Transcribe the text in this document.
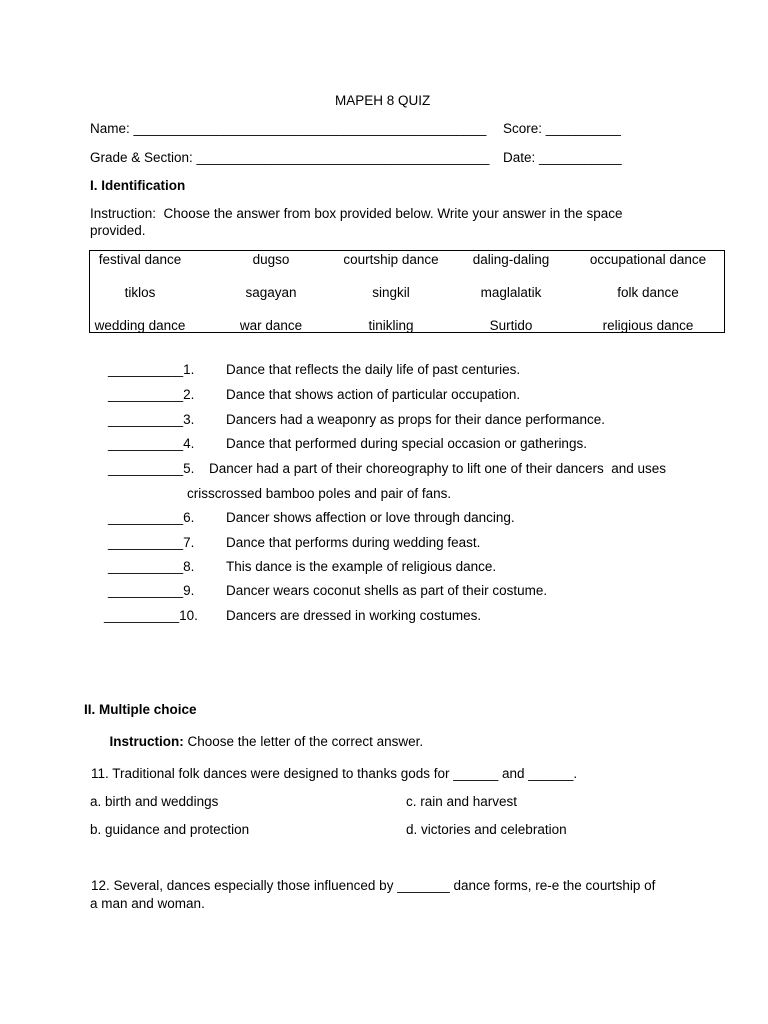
MAPEH 8 QUIZ
Name: _______________________________________________ Score: __________
Grade & Section: _______________________________________ Date: ___________
I. Identification
Instruction:  Choose the answer from box provided below. Write your answer in the space
provided.
festival dance	dugso	courtship dance	daling-daling	occupational dance
tiklos	sagayan	singkil	maglalatik	folk dance
wedding dance	war dance	tinikling	Surtido	religious dance
__________1. Dance that reflects the daily life of past centuries.
__________2. Dance that shows action of particular occupation.
__________3. Dancers had a weaponry as props for their dance performance.
__________4. Dance that performed during special occasion or gatherings.
__________5. Dancer had a part of their choreography to lift one of their dancers  and uses
crisscrossed bamboo poles and pair of fans.
__________6. Dancer shows affection or love through dancing.
__________7. Dance that performs during wedding feast.
__________8. This dance is the example of religious dance.
__________9. Dancer wears coconut shells as part of their costume.
__________10. Dancers are dressed in working costumes.
II. Multiple choice

Instruction: Choose the letter of the correct answer.

11. Traditional folk dances were designed to thanks gods for ______ and ______.
a. birth and weddings	c. rain and harvest
b. guidance and protection	d. victories and celebration
12. Several, dances especially those influenced by _______ dance forms, re-e the courtship of
a man and woman.
